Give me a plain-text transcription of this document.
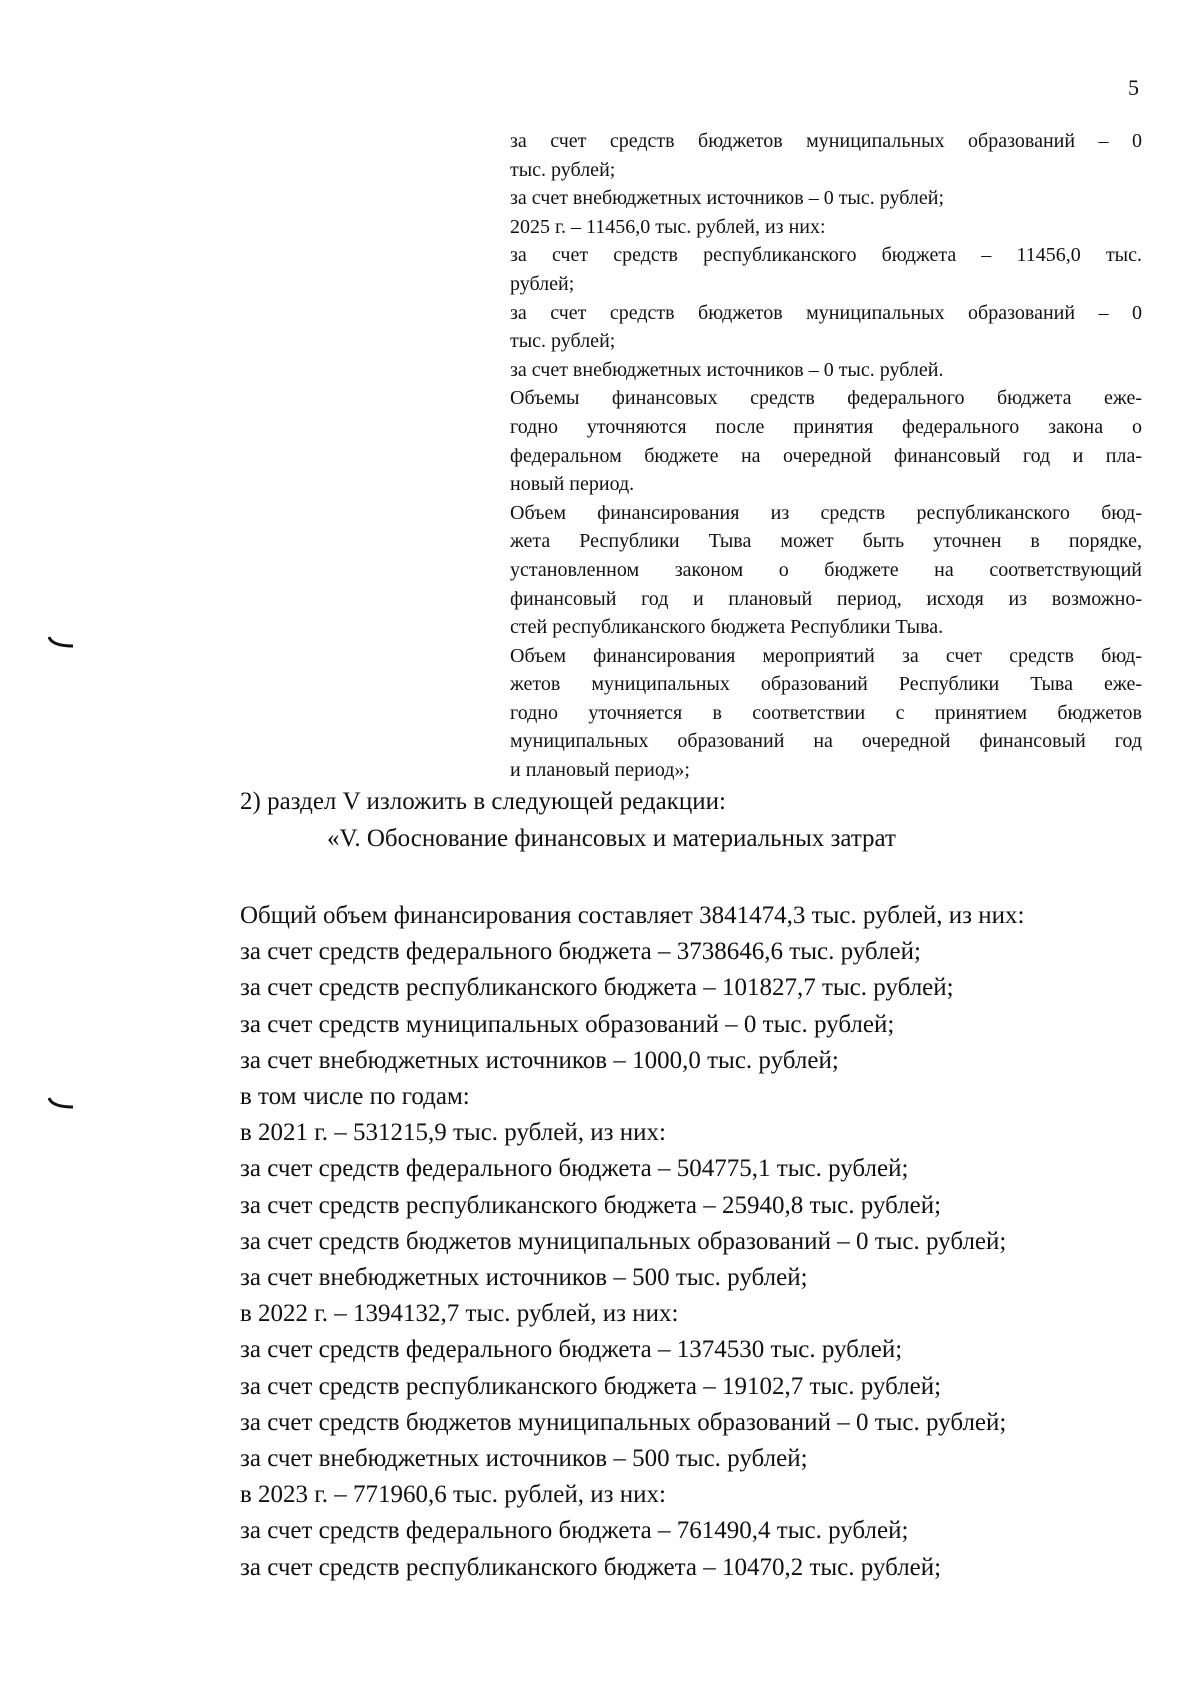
5
за счет средств бюджетов муниципальных образований – 0
тыс. рублей;
за счет внебюджетных источников – 0 тыс. рублей;
2025 г. – 11456,0 тыс. рублей, из них:
за счет средств республиканского бюджета – 11456,0 тыс.
рублей;
за счет средств бюджетов муниципальных образований – 0
тыс. рублей;
за счет внебюджетных источников – 0 тыс. рублей.
Объемы финансовых средств федерального бюджета еже-
годно уточняются после принятия федерального закона о
федеральном бюджете на очередной финансовый год и пла-
новый период.
Объем финансирования из средств республиканского бюд-
жета Республики Тыва может быть уточнен в порядке,
установленном законом о бюджете на соответствующий
финансовый год и плановый период, исходя из возможно-
стей республиканского бюджета Республики Тыва.
Объем финансирования мероприятий за счет средств бюд-
жетов муниципальных образований Республики Тыва еже-
годно уточняется в соответствии с принятием бюджетов
муниципальных образований на очередной финансовый год
и плановый период»;
2) раздел V изложить в следующей редакции:
«V. Обоснование финансовых и материальных затрат
Общий объем финансирования составляет 3841474,3 тыс. рублей, из них:
за счет средств федерального бюджета – 3738646,6 тыс. рублей;
за счет средств республиканского бюджета – 101827,7 тыс. рублей;
за счет средств муниципальных образований – 0 тыс. рублей;
за счет внебюджетных источников – 1000,0 тыс. рублей;
в том числе по годам:
в 2021 г. – 531215,9 тыс. рублей, из них:
за счет средств федерального бюджета – 504775,1 тыс. рублей;
за счет средств республиканского бюджета – 25940,8 тыс. рублей;
за счет средств бюджетов муниципальных образований – 0 тыс. рублей;
за счет внебюджетных источников – 500 тыс. рублей;
в 2022 г. – 1394132,7 тыс. рублей, из них:
за счет средств федерального бюджета – 1374530 тыс. рублей;
за счет средств республиканского бюджета – 19102,7 тыс. рублей;
за счет средств бюджетов муниципальных образований – 0 тыс. рублей;
за счет внебюджетных источников – 500 тыс. рублей;
в 2023 г. – 771960,6 тыс. рублей, из них:
за счет средств федерального бюджета – 761490,4 тыс. рублей;
за счет средств республиканского бюджета – 10470,2 тыс. рублей;
